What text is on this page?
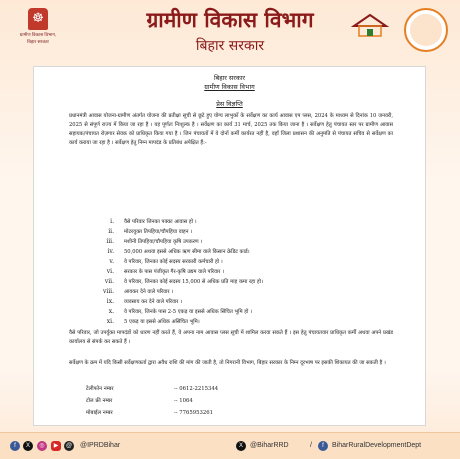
☸
ग्रामीण विकास विभाग,
बिहार सरकार
ग्रामीण विकास विभाग
बिहार सरकार
बिहार सरकार
ग्रामीण विकास विभाग
प्रेस विज्ञप्ति
प्रधानमंत्री आवास योजना-ग्रामीण अंतर्गत योजना की प्रतीक्षा सूची से छूटे हुए योग्य लाभुकों के सर्वेक्षण का कार्य आवास एप प्लस, 2024 के माध्यम से दिनांक 10 जनवरी, 2025 से संपूर्ण राज्य में किया जा रहा है । यह पूर्णतः निःशुल्क है । सर्वेक्षण का कार्य 31 मार्च, 2025 तक किया जाना है । सर्वेक्षण हेतु पंचायत स्तर पर ग्रामीण आवास सहायक/पंचायत रोज़गार सेवक को प्राधिकृत किया गया है । जिन पंचायतों में ये दोनों कर्मी कार्यरत नहीं है, वहाँ जिला प्रशासन की अनुमति से पंचायत सचिव से सर्वेक्षण का कार्य कराया जा रहा है । सर्वेक्षण हेतु निम्न मापदंड के प्रतिबंध अपेक्षित हैं:-
i. वैसे परिवार जिनका पक्का आवास हो ।
ii. मोटरयुक्त तिपहिया/चौपहिया वाहन ।
iii. मशीनी तिपहिया/चौपहिया कृषि उपकरण ।
iv. 50,000 अथवा इससे अधिक ऋण सीमा वाले किसान क्रेडिट कार्ड।
v. वे परिवार, जिनका कोई सदस्य सरकारी कर्मचारी हो ।
vi. सरकार के पास पंजीकृत गैर-कृषि उद्यम वाले परिवार ।
vii. वे परिवार, जिनका कोई सदस्य 15,000 से अधिक प्रति माह कमा रहा हो।
viii. आयकर देने वाले परिवार ।
ix. व्यवसाय कर देने वाले परिवार ।
x. वे परिवार, जिनके पास 2-5 एकड़ या इससे अधिक सिंचित भूमि हो ।
xi. 5 एकड़ या इससे अधिक असिंचित भूमि।
वैसे परिवार, जो उपर्युक्त मापदंडों को धारण नहीं करते हैं, वे अपना नाम आवास प्लस सूची में शामिल करवा सकते हैं । इस हेतु पंचायतवार प्राधिकृत कर्मी अथवा अपने प्रखंड कार्यालय से संपर्क कर सकते हैं ।
सर्वेक्षण के क्रम में यदि किसी सर्वेक्षणकर्ता द्वारा अवैध राशि की मांग की जाती है, तो निगरानी विभाग, बिहार सरकार के निम्न दूरभाष पर इसकी शिकायत की जा सकती है ।
टेलीफोन नम्बर	-- 0612-2215344
टोल फ्री नम्बर	-- 1064
मोबाईल नम्बर	-- 7765953261
f	X	◎	▶	@ @IPRDBihar	X	@BiharRRD	/	f	BiharRuralDevelopmentDept
